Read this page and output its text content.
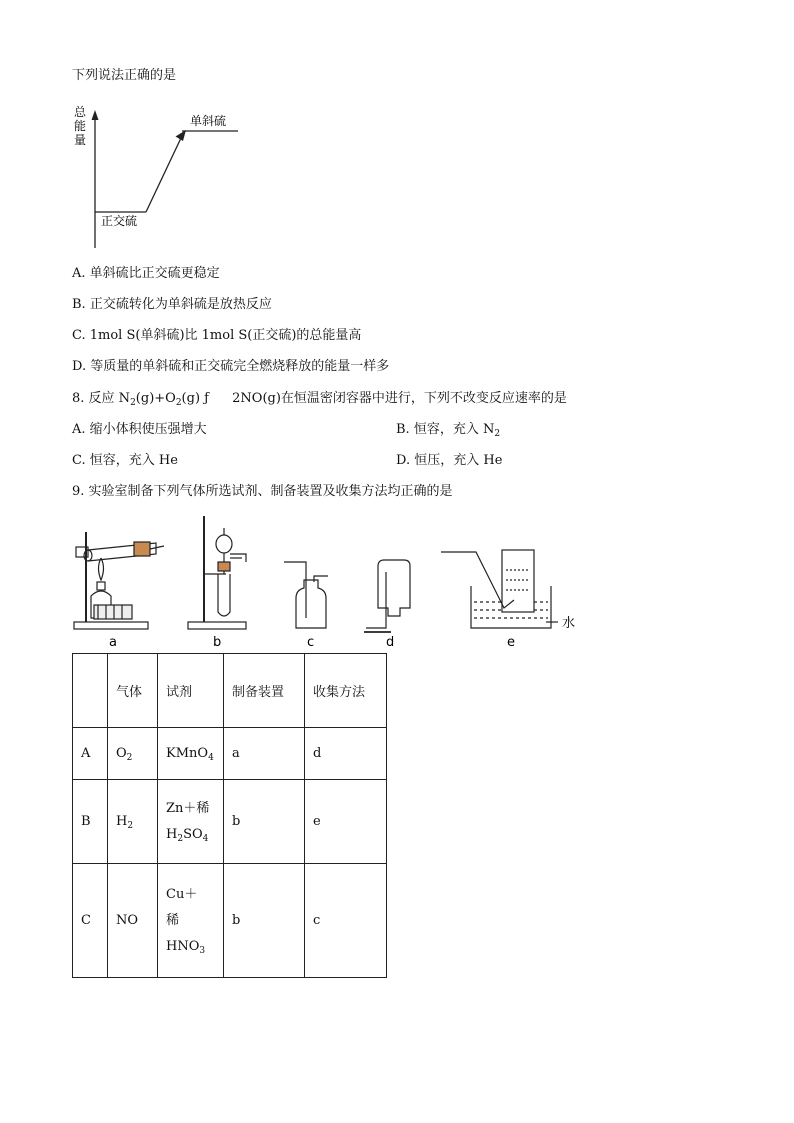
下列说法正确的是
总
能
量
单斜硫
正交硫
A. 单斜硫比正交硫更稳定
B. 正交硫转化为单斜硫是放热反应
C. 1mol S(单斜硫)比 1mol S(正交硫)的总能量高
D. 等质量的单斜硫和正交硫完全燃烧释放的能量一样多
8. 反应 $N_2(g)+O_2(g)$ ƒ 2NO(g)在恒温密闭容器中进行，下列不改变反应速率的是
A. 缩小体积使压强增大	B. 恒容，充入 $N_2$
C. 恒容，充入 He	D. 恒压，充入 He
9. 实验室制备下列气体所选试剂、制备装置及收集方法均正确的是
a	b	c	d	e
水
	气体	试剂	制备装置	收集方法
A	$O_2$	KMnO$_4$	a	d
B	$H_2$	Zn＋稀
$H_2SO_4$	b	e
C	NO	Cu＋
稀
$HNO_3$	b	c
